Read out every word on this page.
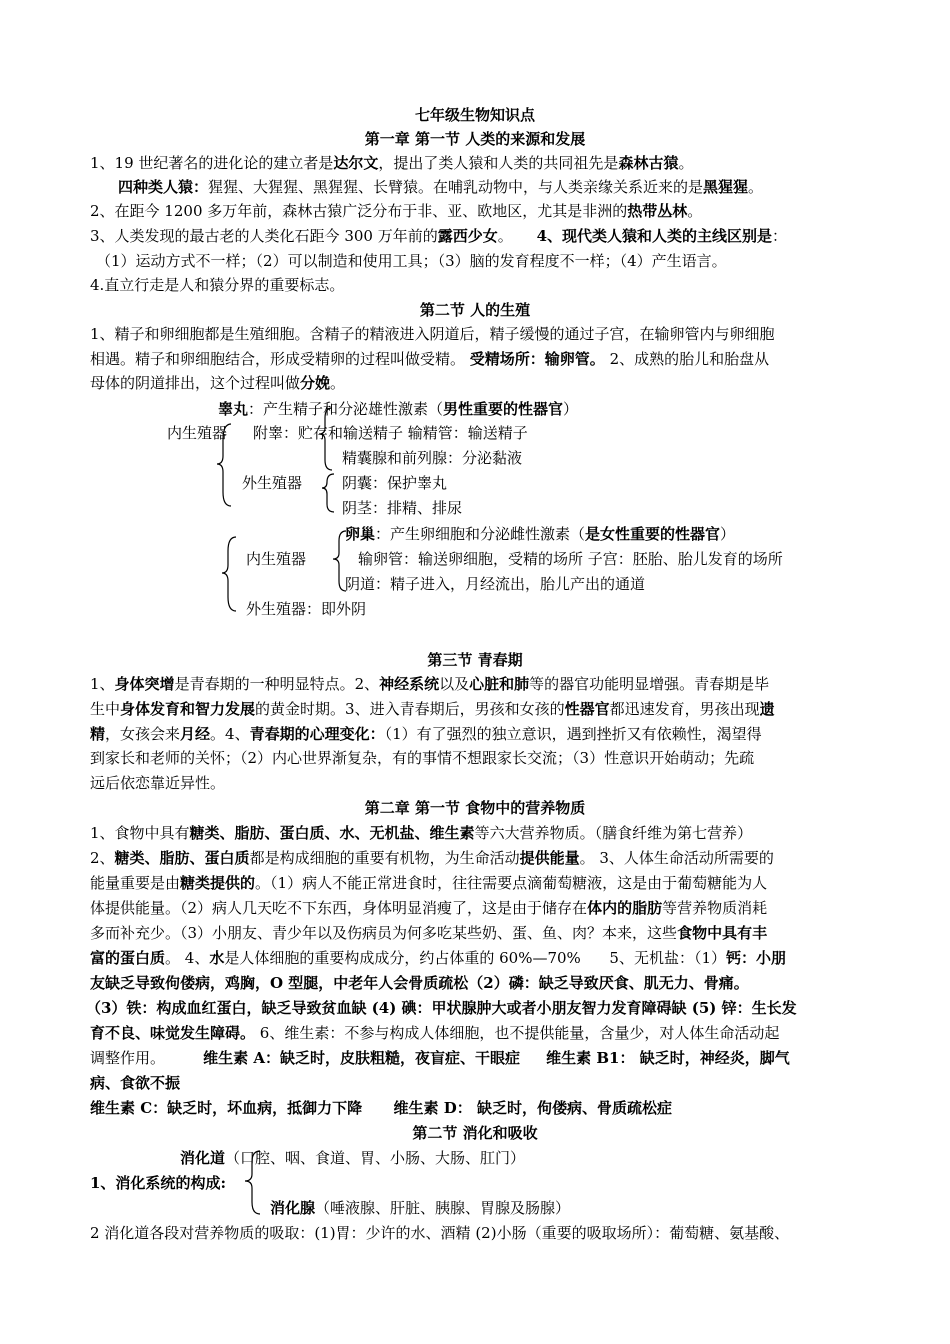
七年级生物知识点
第一章 第一节 人类的来源和发展
1、19 世纪著名的进化论的建立者是达尔文，提出了类人猿和人类的共同祖先是森林古猿。
四种类人猿：猩猩、大猩猩、黑猩猩、长臂猿。在哺乳动物中，与人类亲缘关系近来的是黑猩猩。
2、在距今 1200 多万年前，森林古猿广泛分布于非、亚、欧地区，尤其是非洲的热带丛林。
3、人类发现的最古老的人类化石距今 300 万年前的露西少女。     4、现代类人猿和人类的主线区别是：
（1）运动方式不一样；（2）可以制造和使用工具；（3）脑的发育程度不一样；（4）产生语言。
4.直立行走是人和猿分界的重要标志。
第二节 人的生殖
1、精子和卵细胞都是生殖细胞。含精子的精液进入阴道后，精子缓慢的通过子宫，在输卵管内与卵细胞
相遇。精子和卵细胞结合，形成受精卵的过程叫做受精。 受精场所：输卵管。 2、成熟的胎儿和胎盘从
母体的阴道排出，这个过程叫做分娩。
睾丸：产生精子和分泌雄性激素（男性重要的性器官）
内生殖器 附睾：贮存和输送精子 输精管：输送精子
精囊腺和前列腺：分泌黏液
外生殖器	阴囊：保护睾丸
阴茎：排精、排尿
卵巢：产生卵细胞和分泌雌性激素（是女性重要的性器官）
内生殖器	输卵管：输送卵细胞，受精的场所 子宫：胚胎、胎儿发育的场所
阴道：精子进入，月经流出，胎儿产出的通道
外生殖器：即外阴
第三节 青春期
1、身体突增是青春期的一种明显特点。2、神经系统以及心脏和肺等的器官功能明显增强。青春期是毕
生中身体发育和智力发展的黄金时期。3、进入青春期后，男孩和女孩的性器官都迅速发育，男孩出现遗
精，女孩会来月经。4、青春期的心理变化：（1）有了强烈的独立意识，遇到挫折又有依赖性，渴望得
到家长和老师的关怀；（2）内心世界渐复杂，有的事情不想跟家长交流；（3）性意识开始萌动；先疏
远后依恋靠近异性。
第二章 第一节 食物中的营养物质
1、食物中具有糖类、脂肪、蛋白质、水、无机盐、维生素等六大营养物质。（膳食纤维为第七营养）
2、糖类、脂肪、蛋白质都是构成细胞的重要有机物，为生命活动提供能量。 3、人体生命活动所需要的
能量重要是由糖类提供的。（1）病人不能正常进食时，往往需要点滴葡萄糖液，这是由于葡萄糖能为人
体提供能量。（2）病人几天吃不下东西，身体明显消瘦了，这是由于储存在体内的脂肪等营养物质消耗
多而补充少。（3）小朋友、青少年以及伤病员为何多吃某些奶、蛋、鱼、肉？本来，这些食物中具有丰
富的蛋白质。 4、水是人体细胞的重要构成成分，约占体重的 60%—70%      5、无机盐：（1）钙：小朋
友缺乏导致佝偻病，鸡胸，O 型腿，中老年人会骨质疏松（2）磷：缺乏导致厌食、肌无力、骨痛。
（3）铁：构成血红蛋白，缺乏导致贫血缺 (4) 碘：甲状腺肿大或者小朋友智力发育障碍缺 (5) 锌：生长发
育不良、味觉发生障碍。 6、维生素：不参与构成人体细胞，也不提供能量，含量少，对人体生命活动起
调整作用。        维生素 A：缺乏时，皮肤粗糙，夜盲症、干眼症     维生素 B1： 缺乏时，神经炎，脚气
病、食欲不振
维生素 C：缺乏时，坏血病，抵御力下降      维生素 D： 缺乏时，佝偻病、骨质疏松症
第二节 消化和吸收
消化道（口腔、咽、食道、胃、小肠、大肠、肛门）
1、消化系统的构成:
消化腺（唾液腺、肝脏、胰腺、胃腺及肠腺）
2 消化道各段对营养物质的吸取：(1)胃：少许的水、酒精 (2)小肠（重要的吸取场所）：葡萄糖、氨基酸、
